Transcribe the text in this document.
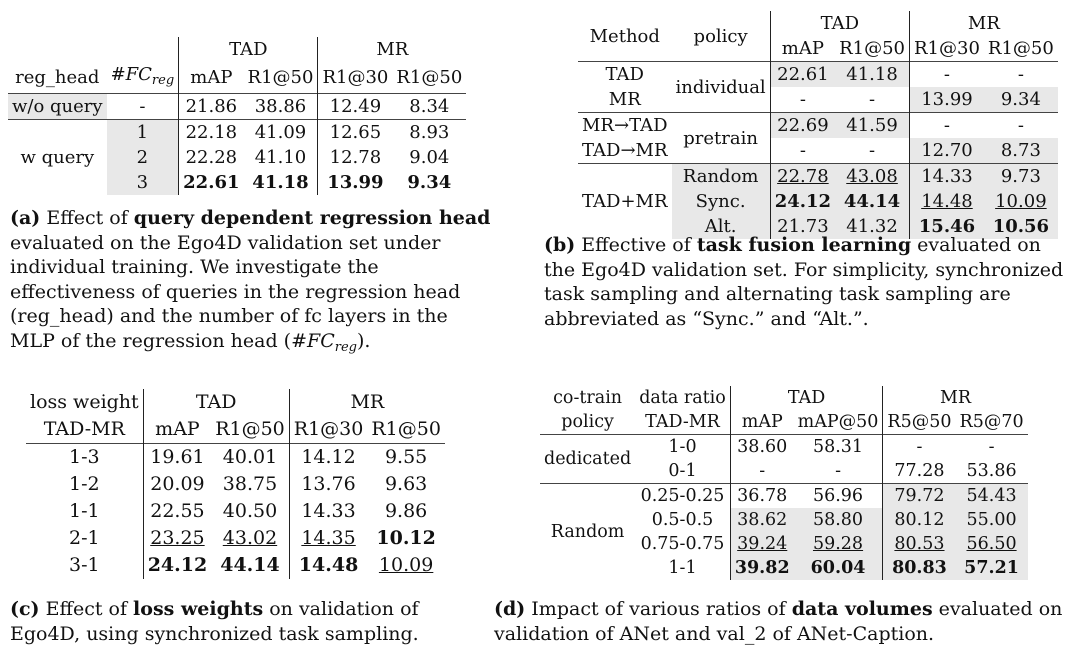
		TAD		MR	
reg_head	$\#FC_{reg}$	mAP	R1@50	R1@30	R1@50
w/o query	-	21.86	38.86	12.49	8.34
w query	1	22.18	41.09	12.65	8.93
	2	22.28	41.10	12.78	9.04
	3	22.61	41.18	13.99	9.34
(a) Effect of query dependent regression head evaluated on the Ego4D validation set under individual training. We investigate the effectiveness of queries in the regression head (reg_head) and the number of fc layers in the MLP of the regression head $(\#FC_{reg})$.
Method	policy	TAD		MR	
		mAP	R1@50	R1@30	R1@50
TAD	individual	22.61	41.18	-	-
MR		-	-	13.99	9.34
MR→TAD	pretrain	22.69	41.59	-	-
TAD→MR		-	-	12.70	8.73
TAD+MR	Random	22.78	43.08	14.33	9.73
	Sync.	24.12	44.14	14.48	10.09
	Alt.	21.73	41.32	15.46	10.56
(b) Effective of task fusion learning evaluated on the Ego4D validation set. For simplicity, synchronized task sampling and alternating task sampling are abbreviated as “Sync.” and “Alt.”.
loss weight	TAD		MR	
TAD-MR	mAP	R1@50	R1@30	R1@50
1-3	19.61	40.01	14.12	9.55
1-2	20.09	38.75	13.76	9.63
1-1	22.55	40.50	14.33	9.86
2-1	23.25	43.02	14.35	10.12
3-1	24.12	44.14	14.48	10.09
(c) Effect of loss weights on validation of Ego4D, using synchronized task sampling.
co-train	data ratio	TAD		MR	
policy	TAD-MR	mAP	mAP@50	R5@50	R5@70
dedicated	1-0	38.60	58.31	-	-
	0-1	-	-	77.28	53.86
Random	0.25-0.25	36.78	56.96	79.72	54.43
	0.5-0.5	38.62	58.80	80.12	55.00
	0.75-0.75	39.24	59.28	80.53	56.50
	1-1	39.82	60.04	80.83	57.21
(d) Impact of various ratios of data volumes evaluated on validation of ANet and val_2 of ANet-Caption.
